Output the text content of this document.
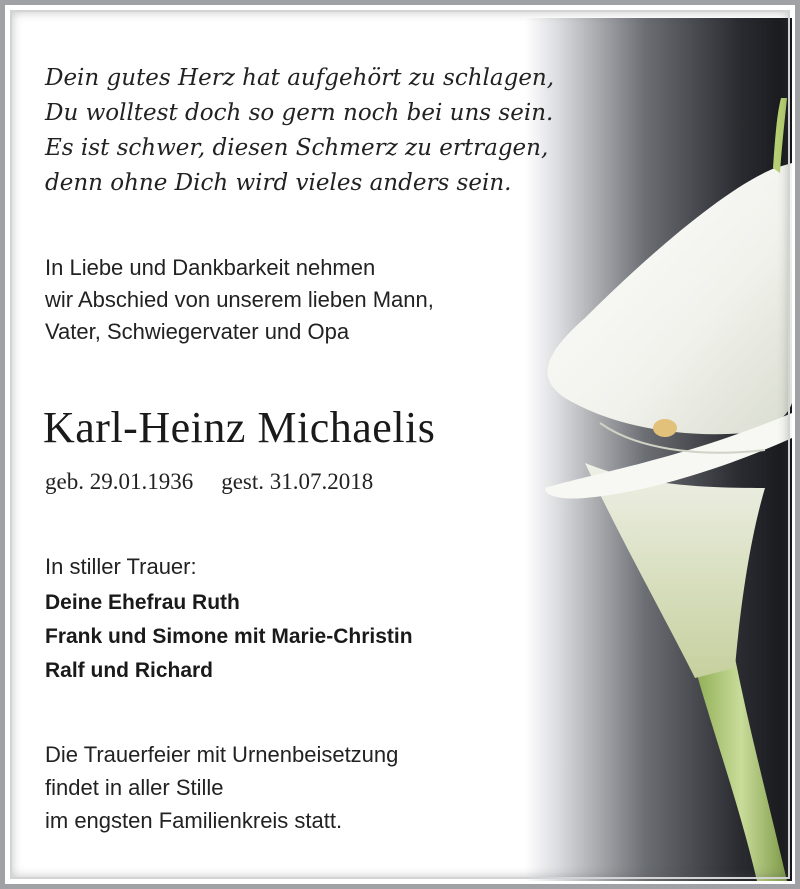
Dein gutes Herz hat aufgehört zu schlagen,
Du wolltest doch so gern noch bei uns sein.
Es ist schwer, diesen Schmerz zu ertragen,
denn ohne Dich wird vieles anders sein.
In Liebe und Dankbarkeit nehmen
wir Abschied von unserem lieben Mann,
Vater, Schwiegervater und Opa
Karl-Heinz Michaelis
geb. 29.01.1936 gest. 31.07.2018
In stiller Trauer:
Deine Ehefrau Ruth
Frank und Simone mit Marie-Christin
Ralf und Richard
Die Trauerfeier mit Urnenbeisetzung
findet in aller Stille
im engsten Familienkreis statt.
